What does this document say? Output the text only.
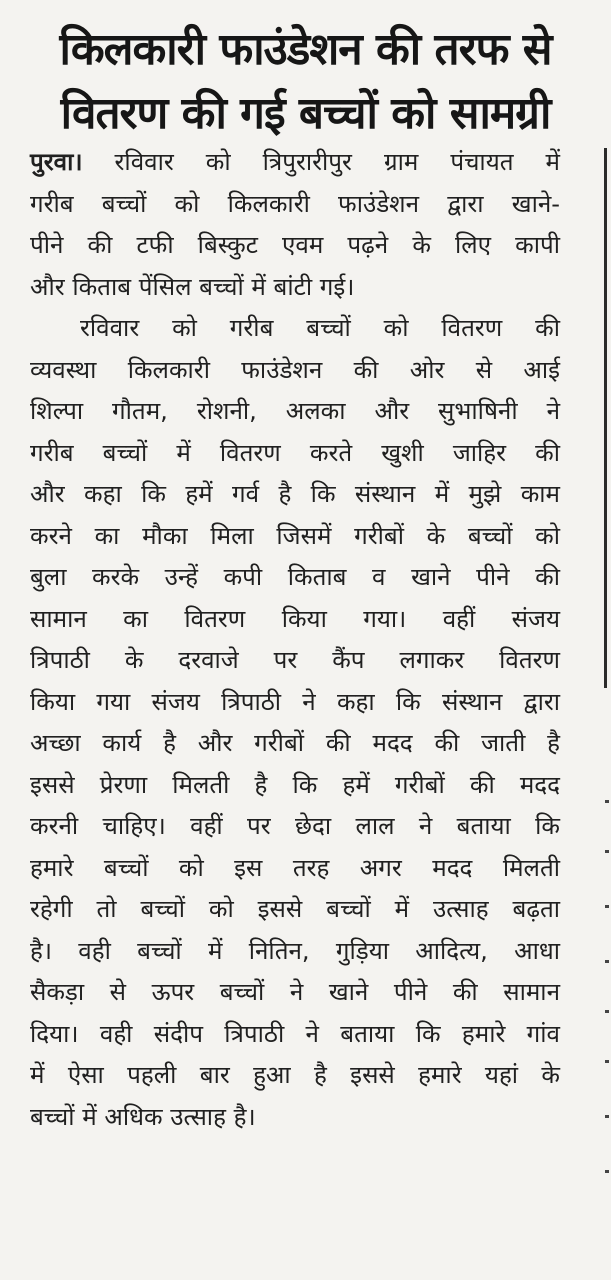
किलकारी फाउंडेशन की तरफ से
वितरण की गई बच्चों को सामग्री

पुरवा। रविवार को त्रिपुरारीपुर ग्राम पंचायत में
गरीब बच्चों को किलकारी फाउंडेशन द्वारा खाने-
पीने की टफी बिस्कुट एवम पढ़ने के लिए कापी
और किताब पेंसिल बच्चों में बांटी गई।

रविवार को गरीब बच्चों को वितरण की
व्यवस्था किलकारी फाउंडेशन की ओर से आई
शिल्पा गौतम, रोशनी, अलका और सुभाषिनी ने
गरीब बच्चों में वितरण करते खुशी जाहिर की
और कहा कि हमें गर्व है कि संस्थान में मुझे काम
करने का मौका मिला जिसमें गरीबों के बच्चों को
बुला करके उन्हें कपी किताब व खाने पीने की
सामान का वितरण किया गया। वहीं संजय
त्रिपाठी के दरवाजे पर कैंप लगाकर वितरण
किया गया संजय त्रिपाठी ने कहा कि संस्थान द्वारा
अच्छा कार्य है और गरीबों की मदद की जाती है
इससे प्रेरणा मिलती है कि हमें गरीबों की मदद
करनी चाहिए। वहीं पर छेदा लाल ने बताया कि
हमारे बच्चों को इस तरह अगर मदद मिलती
रहेगी तो बच्चों को इससे बच्चों में उत्साह बढ़ता
है। वही बच्चों में नितिन, गुड़िया आदित्य, आधा
सैकड़ा से ऊपर बच्चों ने खाने पीने की सामान
दिया। वही संदीप त्रिपाठी ने बताया कि हमारे गांव
में ऐसा पहली बार हुआ है इससे हमारे यहां के
बच्चों में अधिक उत्साह है।
